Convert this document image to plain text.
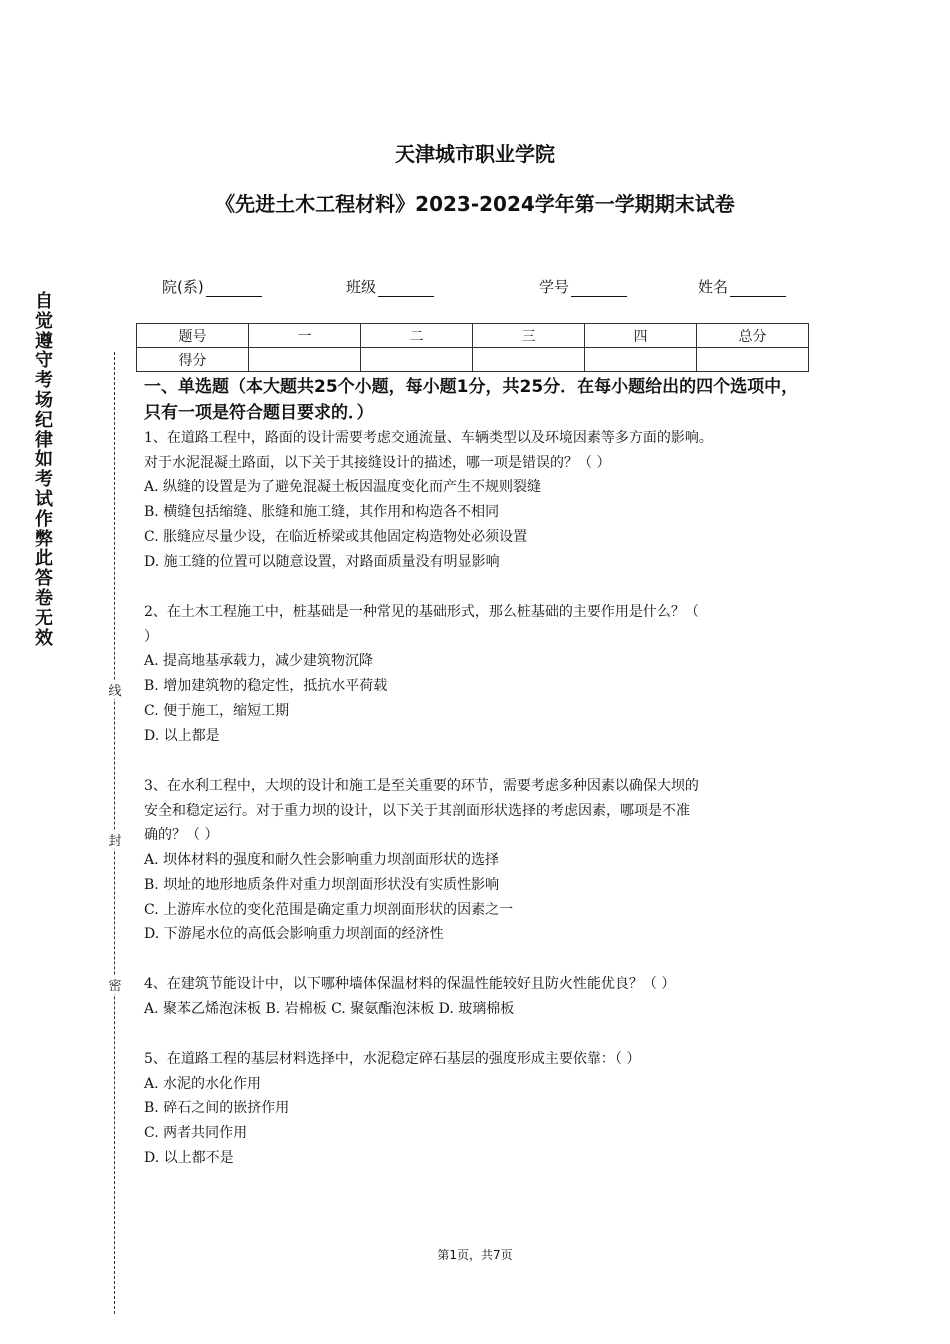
天津城市职业学院
《先进土木工程材料》2023-2024学年第一学期期末试卷
院(系)	班级	学号	姓名
题号	一	二	三	四	总分
得分					
自觉遵守考场纪律如考试作弊此答卷无效
线
封
密
一、单选题（本大题共25个小题，每小题1分，共25分．在每小题给出的四个选项中，只有一项是符合题目要求的．）
1、在道路工程中，路面的设计需要考虑交通流量、车辆类型以及环境因素等多方面的影响。
对于水泥混凝土路面，以下关于其接缝设计的描述，哪一项是错误的？（ ）
A. 纵缝的设置是为了避免混凝土板因温度变化而产生不规则裂缝
B. 横缝包括缩缝、胀缝和施工缝，其作用和构造各不相同
C. 胀缝应尽量少设，在临近桥梁或其他固定构造物处必须设置
D. 施工缝的位置可以随意设置，对路面质量没有明显影响
2、在土木工程施工中，桩基础是一种常见的基础形式，那么桩基础的主要作用是什么？（
）
A. 提高地基承载力，减少建筑物沉降
B. 增加建筑物的稳定性，抵抗水平荷载
C. 便于施工，缩短工期
D. 以上都是
3、在水利工程中，大坝的设计和施工是至关重要的环节，需要考虑多种因素以确保大坝的
安全和稳定运行。对于重力坝的设计，以下关于其剖面形状选择的考虑因素，哪项是不准
确的？（ ）
A. 坝体材料的强度和耐久性会影响重力坝剖面形状的选择
B. 坝址的地形地质条件对重力坝剖面形状没有实质性影响
C. 上游库水位的变化范围是确定重力坝剖面形状的因素之一
D. 下游尾水位的高低会影响重力坝剖面的经济性
4、在建筑节能设计中，以下哪种墙体保温材料的保温性能较好且防火性能优良？（ ）
A. 聚苯乙烯泡沫板 B. 岩棉板 C. 聚氨酯泡沫板 D. 玻璃棉板
5、在道路工程的基层材料选择中，水泥稳定碎石基层的强度形成主要依靠：（ ）
A. 水泥的水化作用
B. 碎石之间的嵌挤作用
C. 两者共同作用
D. 以上都不是
第1页，共7页
